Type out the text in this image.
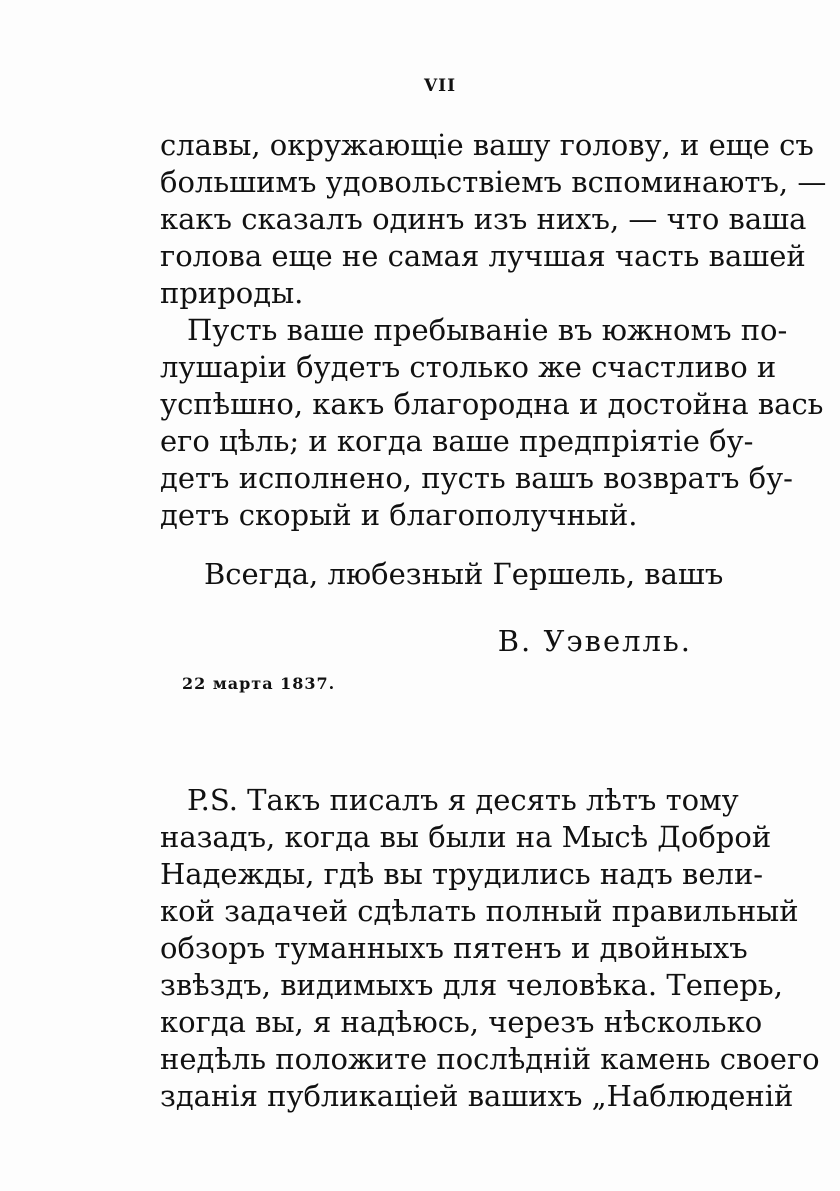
VII
славы, окружающіе вашу голову, и еще съ
большимъ удовольствіемъ вспоминаютъ, —
какъ сказалъ одинъ изъ нихъ, — что ваша
голова еще не самая лучшая часть вашей
природы.
Пусть ваше пребываніе въ южномъ по-
лушаріи будетъ столько же счастливо и
успѣшно, какъ благородна и достойна вась
его цѣль; и когда ваше предпріятіе бу-
детъ исполнено, пусть вашъ возвратъ бу-
детъ скорый и благополучный.
Всегда, любезный Гершель, вашъ
В. Уэвелль.
22 марта 1837.
P.S. Такъ писалъ я десять лѣтъ тому
назадъ, когда вы были на Мысѣ Доброй
Надежды, гдѣ вы трудились надъ вели-
кой задачей сдѣлать полный правильный
обзоръ туманныхъ пятенъ и двойныхъ
звѣздъ, видимыхъ для человѣка. Теперь,
когда вы, я надѣюсь, черезъ нѣсколько
недѣль положите послѣдній камень своего
зданія публикаціей вашихъ „Наблюденій
